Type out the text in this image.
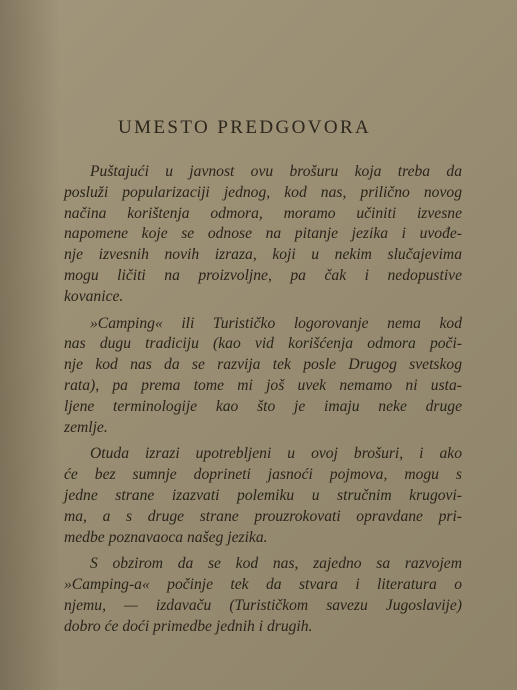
UMESTO PREDGOVORA
Puštajući u javnost ovu brošuru koja treba da
posluži popularizaciji jednog, kod nas, prilično novog
načina korištenja odmora, moramo učiniti izvesne
napomene koje se odnose na pitanje jezika i uvođe-
nje izvesnih novih izraza, koji u nekim slučajevima
mogu ličiti na proizvoljne, pa čak i nedopustive
kovanice.
»Camping« ili Turističko logorovanje nema kod
nas dugu tradiciju (kao vid korišćenja odmora poči-
nje kod nas da se razvija tek posle Drugog svetskog
rata), pa prema tome mi još uvek nemamo ni usta-
ljene terminologije kao što je imaju neke druge
zemlje.
Otuda izrazi upotrebljeni u ovoj brošuri, i ako
će bez sumnje doprineti jasnoći pojmova, mogu s
jedne strane izazvati polemiku u stručnim krugovi-
ma, a s druge strane prouzrokovati opravdane pri-
medbe poznavaoca našeg jezika.
S obzirom da se kod nas, zajedno sa razvojem
»Camping-a« počinje tek da stvara i literatura o
njemu, — izdavaču (Turističkom savezu Jugoslavije)
dobro će doći primedbe jednih i drugih.
